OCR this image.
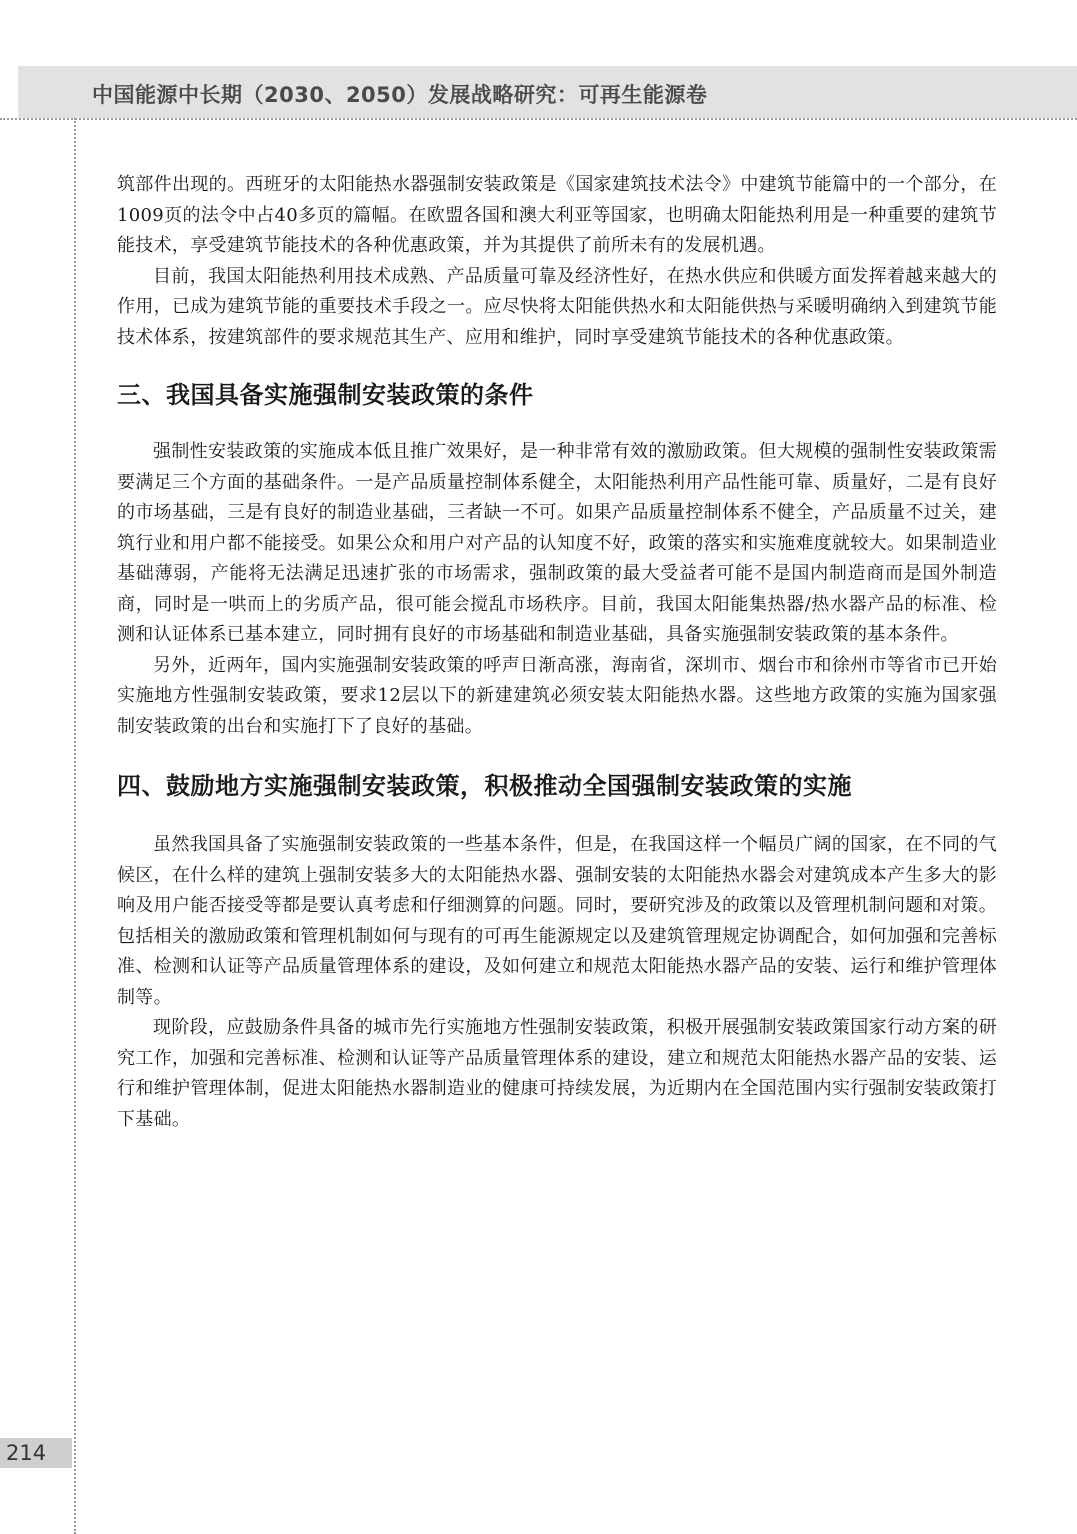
中国能源中长期（2030、2050）发展战略研究：可再生能源卷
214

筑部件出现的。西班牙的太阳能热水器强制安装政策是《国家建筑技术法令》中建筑节能篇中的一个部分，在1009页的法令中占40多页的篇幅。在欧盟各国和澳大利亚等国家，也明确太阳能热利用是一种重要的建筑节能技术，享受建筑节能技术的各种优惠政策，并为其提供了前所未有的发展机遇。

目前，我国太阳能热利用技术成熟、产品质量可靠及经济性好，在热水供应和供暖方面发挥着越来越大的作用，已成为建筑节能的重要技术手段之一。应尽快将太阳能供热水和太阳能供热与采暖明确纳入到建筑节能技术体系，按建筑部件的要求规范其生产、应用和维护，同时享受建筑节能技术的各种优惠政策。

三、我国具备实施强制安装政策的条件

强制性安装政策的实施成本低且推广效果好，是一种非常有效的激励政策。但大规模的强制性安装政策需要满足三个方面的基础条件。一是产品质量控制体系健全，太阳能热利用产品性能可靠、质量好，二是有良好的市场基础，三是有良好的制造业基础，三者缺一不可。如果产品质量控制体系不健全，产品质量不过关，建筑行业和用户都不能接受。如果公众和用户对产品的认知度不好，政策的落实和实施难度就较大。如果制造业基础薄弱，产能将无法满足迅速扩张的市场需求，强制政策的最大受益者可能不是国内制造商而是国外制造商，同时是一哄而上的劣质产品，很可能会搅乱市场秩序。目前，我国太阳能集热器/热水器产品的标准、检测和认证体系已基本建立，同时拥有良好的市场基础和制造业基础，具备实施强制安装政策的基本条件。

另外，近两年，国内实施强制安装政策的呼声日渐高涨，海南省，深圳市、烟台市和徐州市等省市已开始实施地方性强制安装政策，要求12层以下的新建建筑必须安装太阳能热水器。这些地方政策的实施为国家强制安装政策的出台和实施打下了良好的基础。

四、鼓励地方实施强制安装政策，积极推动全国强制安装政策的实施

虽然我国具备了实施强制安装政策的一些基本条件，但是，在我国这样一个幅员广阔的国家，在不同的气候区，在什么样的建筑上强制安装多大的太阳能热水器、强制安装的太阳能热水器会对建筑成本产生多大的影响及用户能否接受等都是要认真考虑和仔细测算的问题。同时，要研究涉及的政策以及管理机制问题和对策。包括相关的激励政策和管理机制如何与现有的可再生能源规定以及建筑管理规定协调配合，如何加强和完善标准、检测和认证等产品质量管理体系的建设，及如何建立和规范太阳能热水器产品的安装、运行和维护管理体制等。

现阶段，应鼓励条件具备的城市先行实施地方性强制安装政策，积极开展强制安装政策国家行动方案的研究工作，加强和完善标准、检测和认证等产品质量管理体系的建设，建立和规范太阳能热水器产品的安装、运行和维护管理体制，促进太阳能热水器制造业的健康可持续发展，为近期内在全国范围内实行强制安装政策打下基础。
